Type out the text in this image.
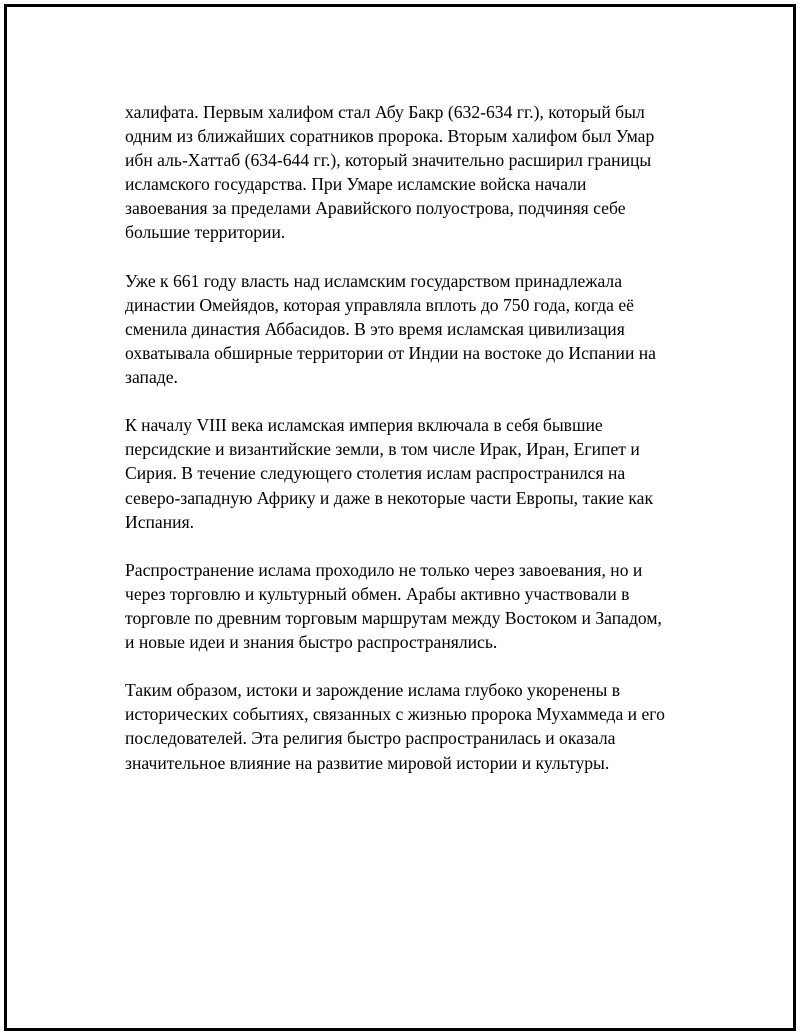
халифата. Первым халифом стал Абу Бакр (632-634 гг.), который был
одним из ближайших соратников пророка. Вторым халифом был Умар
ибн аль-Хаттаб (634-644 гг.), который значительно расширил границы
исламского государства. При Умаре исламские войска начали
завоевания за пределами Аравийского полуострова, подчиняя себе
большие территории.

Уже к 661 году власть над исламским государством принадлежала
династии Омейядов, которая управляла вплоть до 750 года, когда её
сменила династия Аббасидов. В это время исламская цивилизация
охватывала обширные территории от Индии на востоке до Испании на
западе.

К началу VIII века исламская империя включала в себя бывшие
персидские и византийские земли, в том числе Ирак, Иран, Египет и
Сирия. В течение следующего столетия ислам распространился на
северо-западную Африку и даже в некоторые части Европы, такие как
Испания.

Распространение ислама проходило не только через завоевания, но и
через торговлю и культурный обмен. Арабы активно участвовали в
торговле по древним торговым маршрутам между Востоком и Западом,
и новые идеи и знания быстро распространялись.

Таким образом, истоки и зарождение ислама глубоко укоренены в
исторических событиях, связанных с жизнью пророка Мухаммеда и его
последователей. Эта религия быстро распространилась и оказала
значительное влияние на развитие мировой истории и культуры.
